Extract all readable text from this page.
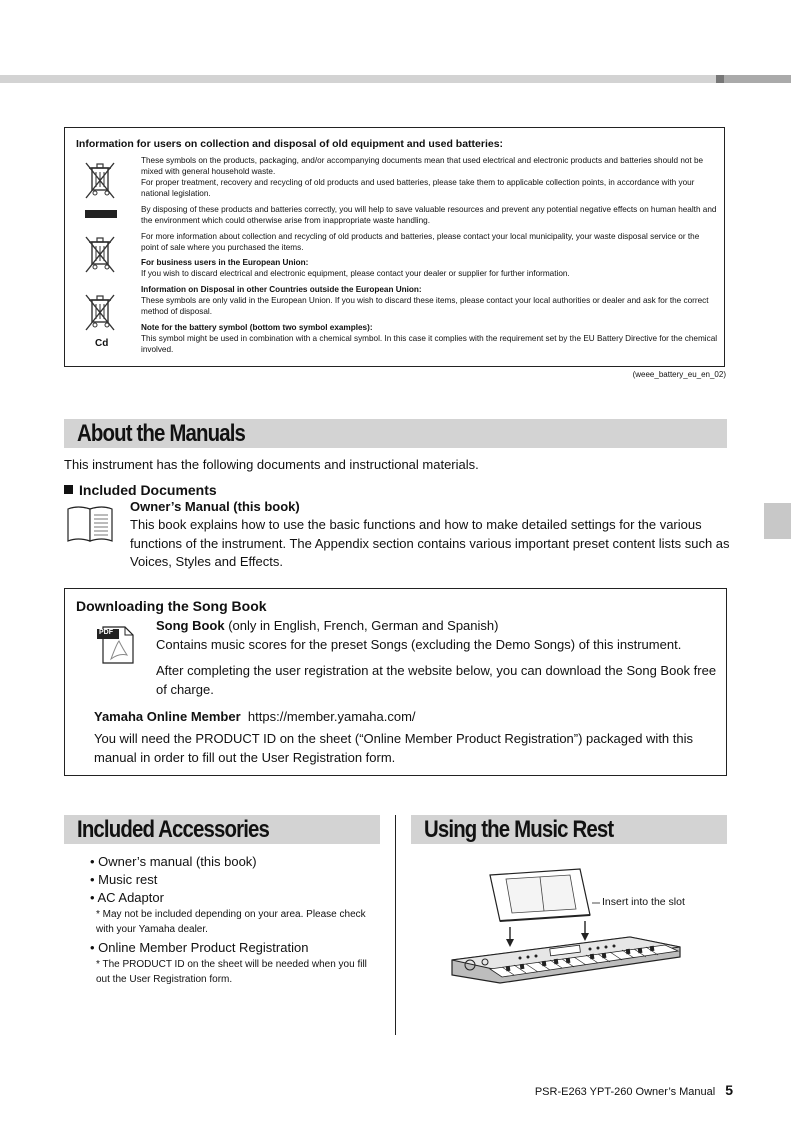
Information for users on collection and disposal of old equipment and used batteries:
Cd
These symbols on the products, packaging, and/or accompanying documents mean that used electrical and electronic products and batteries should not be mixed with general household waste.
For proper treatment, recovery and recycling of old products and used batteries, please take them to applicable collection points, in accordance with your national legislation.
By disposing of these products and batteries correctly, you will help to save valuable resources and prevent any potential negative effects on human health and the environment which could otherwise arise from inappropriate waste handling.
For more information about collection and recycling of old products and batteries, please contact your local municipality, your waste disposal service or the point of sale where you purchased the items.
For business users in the European Union:
If you wish to discard electrical and electronic equipment, please contact your dealer or supplier for further information.
Information on Disposal in other Countries outside the European Union:
These symbols are only valid in the European Union. If you wish to discard these items, please contact your local authorities or dealer and ask for the correct method of disposal.
Note for the battery symbol (bottom two symbol examples):
This symbol might be used in combination with a chemical symbol. In this case it complies with the requirement set by the EU Battery Directive for the chemical involved.
(weee_battery_eu_en_02)
About the Manuals
This instrument has the following documents and instructional materials.
Included Documents
Owner’s Manual (this book)
This book explains how to use the basic functions and how to make detailed settings for the various functions of the instrument. The Appendix section contains various important preset content lists such as Voices, Styles and Effects.
Downloading the Song Book
PDF	Song Book (only in English, French, German and Spanish)
Contains music scores for the preset Songs (excluding the Demo Songs) of this instrument.
After completing the user registration at the website below, you can download the Song Book free of charge.
Yamaha Online Member https://member.yamaha.com/
You will need the PRODUCT ID on the sheet (“Online Member Product Registration”) packaged with this manual in order to fill out the User Registration form.
Included Accessories
• Owner’s manual (this book)
• Music rest
• AC Adaptor
* May not be included depending on your area. Please check with your Yamaha dealer.
• Online Member Product Registration
* The PRODUCT ID on the sheet will be needed when you fill out the User Registration form.
Using the Music Rest
Insert into the slot
PSR-E263 YPT-260 Owner’s Manual 5
